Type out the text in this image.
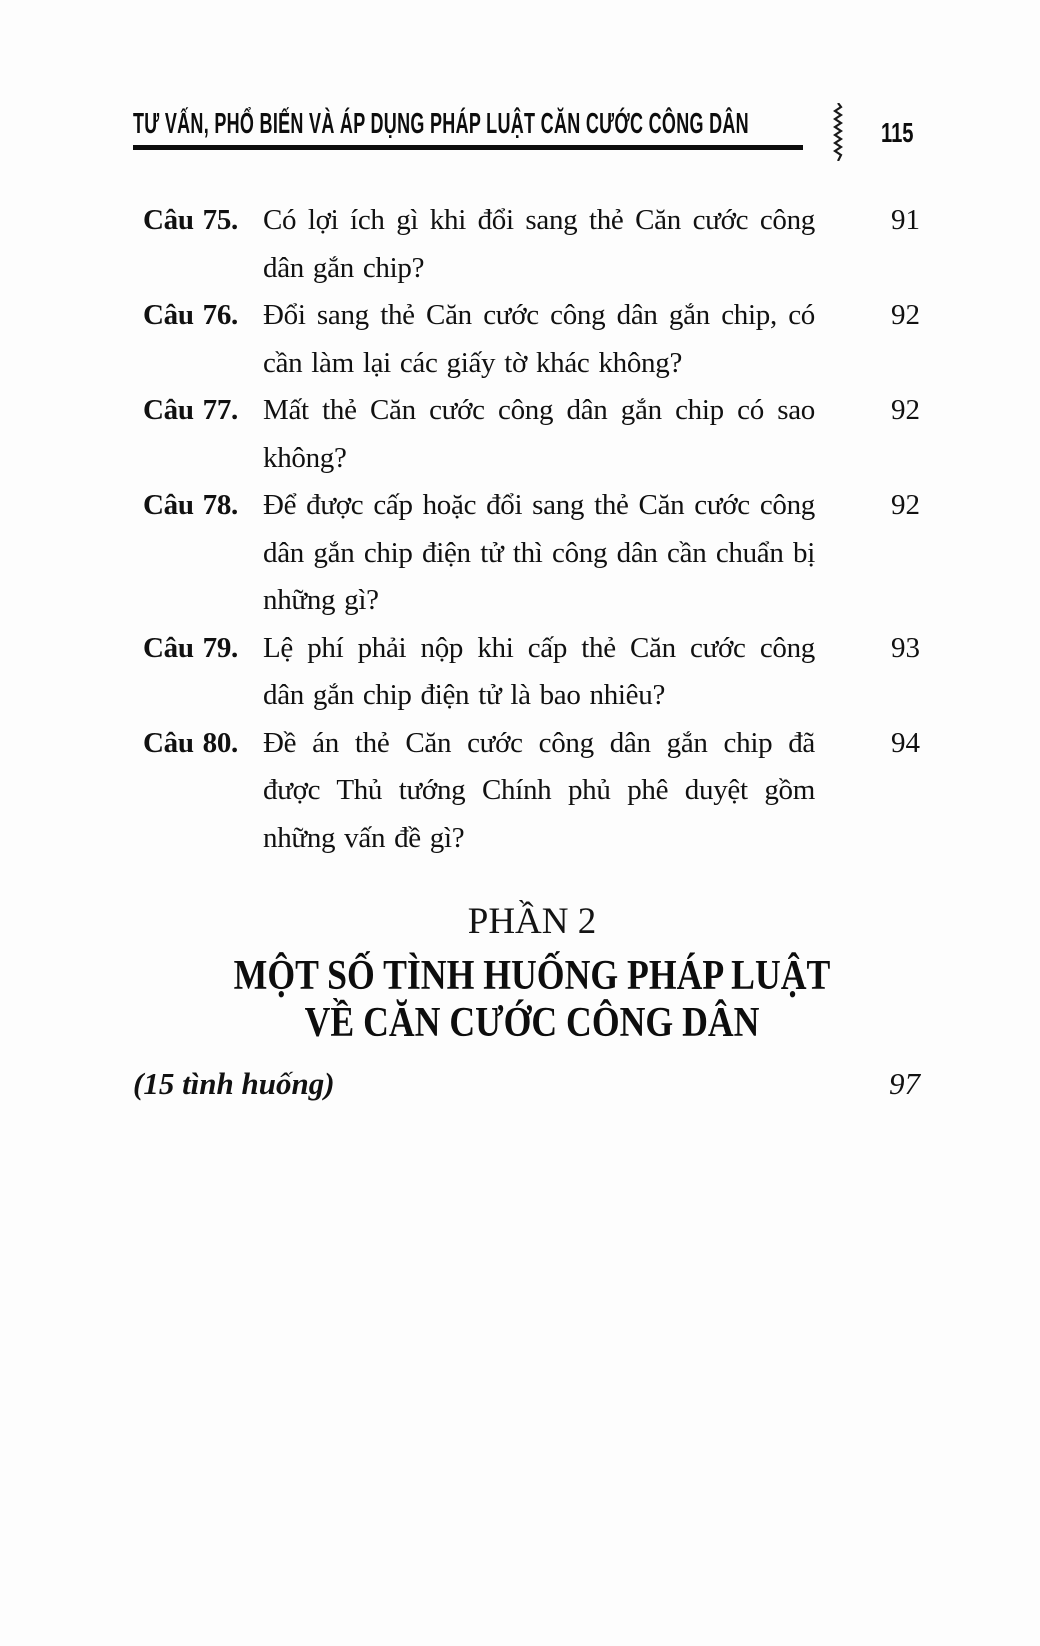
TƯ VẤN, PHỔ BIẾN VÀ ÁP DỤNG PHÁP LUẬT CĂN CƯỚC CÔNG DÂN	115
Câu 75. Có lợi ích gì khi đổi sang thẻ Căn cước công dân gắn chip?
91
Câu 76. Đổi sang thẻ Căn cước công dân gắn chip, có cần làm lại các giấy tờ khác không?
92
Câu 77. Mất thẻ Căn cước công dân gắn chip có sao không?
92
Câu 78. Để được cấp hoặc đổi sang thẻ Căn cước công dân gắn chip điện tử thì công dân cần chuẩn bị những gì?
92
Câu 79. Lệ phí phải nộp khi cấp thẻ Căn cước công dân gắn chip điện tử là bao nhiêu?
93
Câu 80. Đề án thẻ Căn cước công dân gắn chip đã được Thủ tướng Chính phủ phê duyệt gồm những vấn đề gì?
94
PHẦN 2
MỘT SỐ TÌNH HUỐNG PHÁP LUẬT
VỀ CĂN CƯỚC CÔNG DÂN
(15 tình huống)	97
